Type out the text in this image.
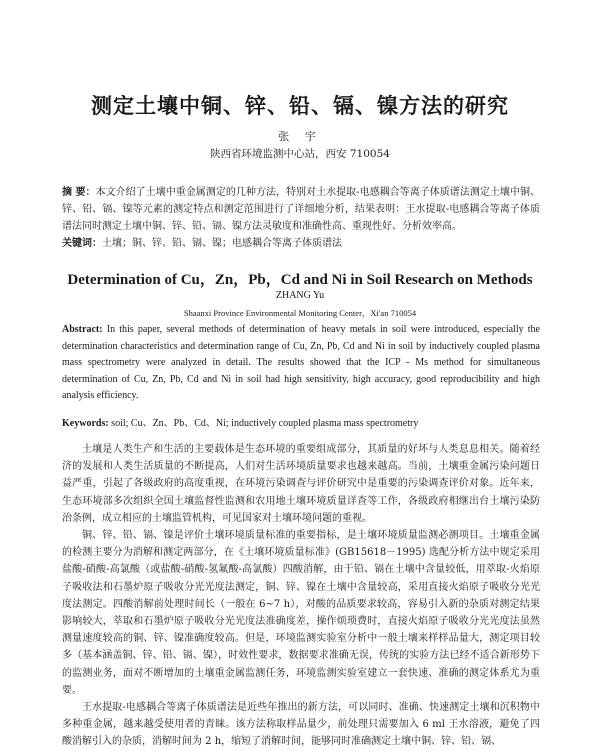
测定土壤中铜、锌、铅、镉、镍方法的研究
张 宇
陕西省环境监测中心站，西安 710054

摘 要：本文介绍了土壤中重金属测定的几种方法，特别对土水提取-电感耦合等离子体质谱法测定土壤中铜、锌、铅、镉、镍等元素的测定特点和测定范围进行了详细地分析，结果表明：王水提取-电感耦合等离子体质谱法同时测定土壤中铜、锌、铅、镉、镍方法灵敏度和准确性高、重现性好、分析效率高。

关键词：土壤；铜、锌、铅、镉、镍；电感耦合等离子体质谱法

Determination of Cu，Zn，Pb，Cd and Ni in Soil Research on Methods
ZHANG Yu
Shaanxi Province Environmental Monitoring Center，Xi'an 710054

Abstract: In this paper, several methods of determination of heavy metals in soil were introduced, especially the determination characteristics and determination range of Cu, Zn, Pb, Cd and Ni in soil by inductively coupled plasma mass spectrometry were analyzed in detail. The results showed that the ICP - Ms method for simultaneous determination of Cu, Zn, Pb, Cd and Ni in soil had high sensitivity, high accuracy, good reproducibility and high analysis efficiency.

Keywords: soil; Cu、Zn、Pb、Cd、Ni; inductively coupled plasma mass spectrometry

土壤是人类生产和生活的主要载体是生态环境的重要组成部分，其质量的好坏与人类息息相关。随着经济的发展和人类生活质量的不断提高，人们对生活环境质量要求也越来越高。当前，土壤重金属污染问题日益严重，引起了各级政府的高度重视，在环境污染调查与评价研究中是重要的污染调查评价对象。近年来，生态环境部多次组织全国土壤监督性监测和农用地土壤环境质量详查等工作，各级政府相继出台土壤污染防治条例，成立相应的土壤监管机构，可见国家对土壤环境问题的重视。

铜、锌、铅、镉、镍是评价土壤环境质量标准的重要指标，是土壤环境质量监测必测项目。土壤重金属的检测主要分为消解和测定两部分，在《土壤环境质量标准》(GB15618－1995) 选配分析方法中规定采用盐酸-硝酸-高氯酸（或盐酸-硝酸-氢氟酸-高氯酸）四酸消解，由于铅、镉在土壤中含量较低，用萃取-火焰原子吸收法和石墨炉原子吸收分光光度法测定，铜、锌、镍在土壤中含量较高，采用直接火焰原子吸收分光光度法测定。四酸消解前处理时间长（一般在 6~7 h），对酸的品质要求较高，容易引入新的杂质对测定结果影响较大，萃取和石墨炉原子吸收分光光度法准确度差，操作烦琐费时，直接火焰原子吸收分光光度法虽然测量速度较高的铜、锌、镍准确度较高。但是，环境监测实验室分析中一般土壤来样样品量大，测定项目较多（基本涵盖铜、锌、铅、镉、镍），时效性要求，数据要求准确无误，传统的实验方法已经不适合新形势下的监测业务，面对不断增加的土壤重金属监测任务，环境监测实验室建立一套快速、准确的测定体系尤为重要。

王水提取-电感耦合等离子体质谱法是近些年推出的新方法，可以同时、准确、快速测定土壤和沉积物中多种重金属，越来越受使用者的青睐。该方法称取样品量少，前处理只需要加入 6 ml 王水溶液，避免了四酸消解引入的杂质，消解时间为 2 h，缩短了消解时间，能够同时准确测定土壤中铜、锌、铅、镉、
